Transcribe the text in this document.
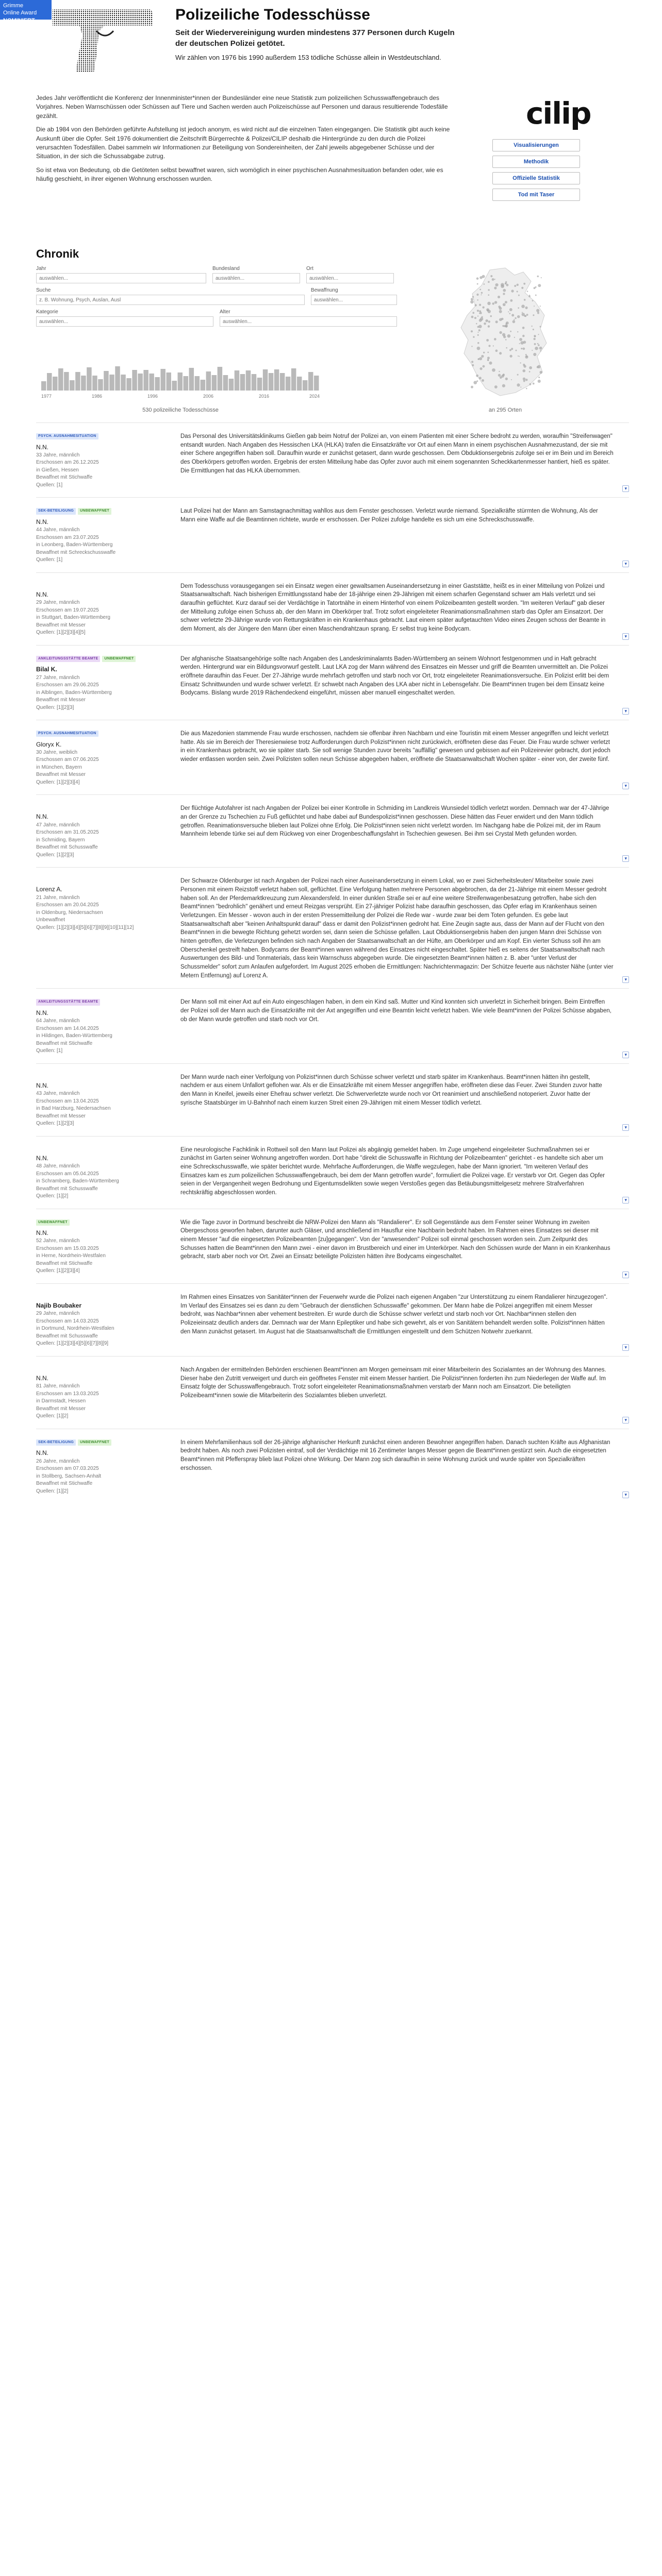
Grimme
Online Award
NOMINIERT 2025
Polizeiliche Todesschüsse
Seit der Wiedervereinigung wurden mindestens 377 Personen durch Kugeln der deutschen Polizei getötet.
Wir zählen von 1976 bis 1990 außerdem 153 tödliche Schüsse allein in Westdeutschland.

Jedes Jahr veröffentlicht die Konferenz der Innenminister*innen der Bundesländer eine neue Statistik zum polizeilichen Schusswaffengebrauch des Vorjahres. Neben Warnschüssen oder Schüssen auf Tiere und Sachen werden auch Polizeischüsse auf Personen und daraus resultierende Todesfälle gezählt.

Die ab 1984 von den Behörden geführte Aufstellung ist jedoch anonym, es wird nicht auf die einzelnen Taten eingegangen. Die Statistik gibt auch keine Auskunft über die Opfer. Seit 1976 dokumentiert die Zeitschrift Bürgerrechte & Polizei/CILIP deshalb die Hintergründe zu den durch die Polizei verursachten Todesfällen. Dabei sammeln wir Informationen zur Beteiligung von Sondereinheiten, der Zahl jeweils abgegebener Schüsse und der Situation, in der sich die Schussabgabe zutrug.

So ist etwa von Bedeutung, ob die Getöteten selbst bewaffnet waren, sich womöglich in einer psychischen Ausnahmesituation befanden oder, wie es häufig geschieht, in ihrer eigenen Wohnung erschossen wurden.

cilip
Visualisierungen
Methodik
Offizielle Statistik
Tod mit Taser
Chronik
Jahr
auswählen...	Bundesland
auswählen...	Ort
auswählen...
Suche
z. B. Wohnung, Psych, Auslan, Ausl	Bewaffnung
auswählen...
Kategorie
auswählen...	Alter
auswählen...
1977	1986	1996	2006	2016	2024
530 polizeiliche Todesschüsse	an 295 Orten
PSYCH. AUSNAHMESITUATION
N.N.
33 Jahre, männlich
Erschossen am 26.12.2025
in Gießen, Hessen
Bewaffnet mit Stichwaffe
Quellen: [1]
Das Personal des Universitätsklinikums Gießen gab beim Notruf der Polizei an, von einem Patienten mit einer Schere bedroht zu werden, woraufhin "Streifenwagen" entsandt wurden. Nach Angaben des Hessischen LKA (HLKA) trafen die Einsatzkräfte vor Ort auf einen Mann in einem psychischen Ausnahmezustand, der sie mit einer Schere angegriffen haben soll. Daraufhin wurde er zunächst getasert, dann wurde geschossen. Dem Obduktionsergebnis zufolge sei er im Bein und im Bereich des Oberkörpers getroffen worden. Ergebnis der ersten Mitteilung habe das Opfer zuvor auch mit einem sogenannten Scheckkartenmesser hantiert, hieß es später. Die Ermittlungen hat das HLKA übernommen.
▾
SEK-BETEILIGUNG UNBEWAFFNET
N.N.
44 Jahre, männlich
Erschossen am 23.07.2025
in Leonberg, Baden-Württemberg
Bewaffnet mit Schreckschusswaffe
Quellen: [1]
Laut Polizei hat der Mann am Samstagnachmittag wahllos aus dem Fenster geschossen. Verletzt wurde niemand. Spezialkräfte stürmten die Wohnung, Als der Mann eine Waffe auf die Beamtinnen richtete, wurde er erschossen. Der Polizei zufolge handelte es sich um eine Schreckschusswaffe.
▾
N.N.
29 Jahre, männlich
Erschossen am 19.07.2025
in Stuttgart, Baden-Württemberg
Bewaffnet mit Messer
Quellen: [1][2][3][4][5]
Dem Todesschuss vorausgegangen sei ein Einsatz wegen einer gewaltsamen Auseinandersetzung in einer Gaststätte, heißt es in einer Mitteilung von Polizei und Staatsanwaltschaft. Nach bisherigen Ermittlungsstand habe der 18-jährige einen 29-Jährigen mit einem scharfen Gegenstand schwer am Hals verletzt und sei daraufhin geflüchtet. Kurz darauf sei der Verdächtige in Tatortnähe in einem Hinterhof von einem Polizeibeamten gestellt worden. "Im weiteren Verlauf" gab dieser der Mitteilung zufolge einen Schuss ab, der den Mann im Oberkörper traf. Trotz sofort eingeleiteter Reanimationsmaßnahmen starb das Opfer am Einsatzort. Der schwer verletzte 29-Jährige wurde von Rettungskräften in ein Krankenhaus gebracht. Laut einem später aufgetauchten Video eines Zeugen schoss der Beamte in dem Moment, als der Jüngere den Mann über einen Maschendrahtzaun sprang. Er selbst trug keine Bodycam.
▾
ANKLEITUNGSSTÄTTE BEAMTE UNBEWAFFNET
Bilal K.
27 Jahre, männlich
Erschossen am 29.06.2025
in Alblingen, Baden-Württemberg
Bewaffnet mit Messer
Quellen: [1][2][3]
Der afghanische Staatsangehörige sollte nach Angaben des Landeskriminalamts Baden-Württemberg an seinem Wohnort festgenommen und in Haft gebracht werden. Hintergrund war ein Bildungsvorwurf gestellt. Laut LKA zog der Mann während des Einsatzes ein Messer und griff die Beamten unvermittelt an. Die Polizei eröffnete daraufhin das Feuer. Der 27-Jährige wurde mehrfach getroffen und starb noch vor Ort, trotz eingeleiteter Reanimationsversuche. Ein Polizist erlitt bei dem Einsatz Schnittwunden und wurde schwer verletzt. Er schwebt nach Angaben des LKA aber nicht in Lebensgefahr. Die Beamt*innen trugen bei dem Einsatz keine Bodycams. Bislang wurde 2019 Rächendeckend eingeführt, müssen aber manuell eingeschaltet werden.
▾
PSYCH. AUSNAHMESITUATION
Gloryx K.
30 Jahre, weiblich
Erschossen am 07.06.2025
in München, Bayern
Bewaffnet mit Messer
Quellen: [1][2][3][4]
Die aus Mazedonien stammende Frau wurde erschossen, nachdem sie offenbar ihren Nachbarn und eine Touristin mit einem Messer angegriffen und leicht verletzt hatte. Als sie im Bereich der Theresienwiese trotz Aufforderungen durch Polizist*innen nicht zurückwich, eröffneten diese das Feuer. Die Frau wurde schwer verletzt in ein Krankenhaus gebracht, wo sie später starb. Sie soll wenige Stunden zuvor bereits "auffällig" gewesen und gebissen auf ein Polizeirevier gebracht, dort jedoch wieder entlassen worden sein. Zwei Polizisten sollen neun Schüsse abgegeben haben, eröffnete die Staatsanwaltschaft Wochen später - einer von, der zweite fünf.
▾
N.N.
47 Jahre, männlich
Erschossen am 31.05.2025
in Schmiding, Bayern
Bewaffnet mit Schusswaffe
Quellen: [1][2][3]
Der flüchtige Autofahrer ist nach Angaben der Polizei bei einer Kontrolle in Schmiding im Landkreis Wunsiedel tödlich verletzt worden. Demnach war der 47-Jährige an der Grenze zu Tschechien zu Fuß geflüchtet und habe dabei auf Bundespolizist*innen geschossen. Diese hätten das Feuer erwidert und den Mann tödlich getroffen. Reanimationsversuche blieben laut Polizei ohne Erfolg. Die Polizist*innen seien nicht verletzt worden. Im Nachgang habe die Polizei mit, der im Raum Mannheim lebende türke sei auf dem Rückweg von einer Drogenbeschaffungsfahrt in Tschechien gewesen. Bei ihm sei Crystal Meth gefunden worden.
▾
Lorenz A.
21 Jahre, männlich
Erschossen am 20.04.2025
in Oldenburg, Niedersachsen
Unbewaffnet
Quellen: [1][2][3][4][5][6][7][8][9][10][11][12]
Der Schwarze Oldenburger ist nach Angaben der Polizei nach einer Auseinandersetzung in einem Lokal, wo er zwei Sicherheitsleuten/ Mitarbeiter sowie zwei Personen mit einem Reizstoff verletzt haben soll, geflüchtet. Eine Verfolgung hatten mehrere Personen abgebrochen, da der 21-Jährige mit einem Messer gedroht haben soll. An der Pferdemarktkreuzung zum Alexandersfeld. In einer dunklen Straße sei er auf eine weitere Streifenwagenbesatzung getroffen, habe sich den Beamt*innen "bedrohlich" genähert und erneut Reizgas versprüht. Ein 27-jähriger Polizist habe daraufhin geschossen, das Opfer erlag im Krankenhaus seinen Verletzungen. Ein Messer - wovon auch in der ersten Pressemitteilung der Polizei die Rede war - wurde zwar bei dem Toten gefunden. Es gebe laut Staatsanwaltschaft aber "keinen Anhaltspunkt darauf" dass er damit den Polizist*innen gedroht hat. Eine Zeugin sagte aus, dass der Mann auf der Flucht von den Beamt*innen in die bewegte Richtung gehetzt worden sei, dann seien die Schüsse gefallen. Laut Obduktionsergebnis haben den jungen Mann drei Schüsse von hinten getroffen, die Verletzungen befinden sich nach Angaben der Staatsanwaltschaft an der Hüfte, am Oberkörper und am Kopf. Ein vierter Schuss soll ihn am Oberschenkel gestreift haben. Bodycams der Beamt*innen waren während des Einsatzes nicht eingeschaltet. Später hieß es seitens der Staatsanwaltschaft nach Auswertungen des Bild- und Tonmaterials, dass kein Warnschuss abgegeben wurde. Die eingesetzten Beamt*innen hätten z. B. aber "unter Verlust der Schussmelder" sofort zum Anlaufen aufgefordert. Im August 2025 erhoben die Ermittlungen: Nachrichtenmagazin: Der Schütze feuerte aus nächster Nähe (unter vier Metern Entfernung) auf Lorenz A.
▾
ANKLEITUNGSSTÄTTE BEAMTE
N.N.
64 Jahre, männlich
Erschossen am 14.04.2025
in Hildingen, Baden-Württemberg
Bewaffnet mit Stichwaffe
Quellen: [1]
Der Mann soll mit einer Axt auf ein Auto eingeschlagen haben, in dem ein Kind saß. Mutter und Kind konnten sich unverletzt in Sicherheit bringen. Beim Eintreffen der Polizei soll der Mann auch die Einsatzkräfte mit der Axt angegriffen und eine Beamtin leicht verletzt haben. Wie viele Beamt*innen der Polizei Schüsse abgaben, ob der Mann wurde getroffen und starb noch vor Ort.
▾
N.N.
43 Jahre, männlich
Erschossen am 13.04.2025
in Bad Harzburg, Niedersachsen
Bewaffnet mit Messer
Quellen: [1][2][3]
Der Mann wurde nach einer Verfolgung von Polizist*innen durch Schüsse schwer verletzt und starb später im Krankenhaus. Beamt*innen hätten ihn gestellt, nachdem er aus einem Unfallort geflohen war. Als er die Einsatzkräfte mit einem Messer angegriffen habe, eröffneten diese das Feuer. Zwei Stunden zuvor hatte den Mann in Kneifel, jeweils einer Ehefrau schwer verletzt. Die Schwerverletzte wurde noch vor Ort reanimiert und anschließend notoperiert. Zuvor hatte der syrische Staatsbürger im U-Bahnhof nach einem kurzen Streit einen 29-Jährigen mit einem Messer tödlich verletzt.
▾
N.N.
48 Jahre, männlich
Erschossen am 05.04.2025
in Schramberg, Baden-Württemberg
Bewaffnet mit Schusswaffe
Quellen: [1][2]
Eine neurologische Fachklinik in Rottweil soll den Mann laut Polizei als abgängig gemeldet haben. Im Zuge umgehend eingeleiteter Suchmaßnahmen sei er zunächst im Garten seiner Wohnung angetroffen worden. Dort habe "direkt die Schusswaffe in Richtung der Polizeibeamten" gerichtet - es handelte sich aber um eine Schreckschusswaffe, wie später berichtet wurde. Mehrfache Aufforderungen, die Waffe wegzulegen, habe der Mann ignoriert. "Im weiteren Verlauf des Einsatzes kam es zum polizeilichen Schusswaffengebrauch, bei dem der Mann getroffen wurde", formuliert die Polizei vage. Er verstarb vor Ort. Gegen das Opfer seien in der Vergangenheit wegen Bedrohung und Eigentumsdelikten sowie wegen Verstoßes gegen das Betäubungsmittelgesetz mehrere Strafverfahren rechtskräftig abgeschlossen worden.
▾
UNBEWAFFNET
N.N.
52 Jahre, männlich
Erschossen am 15.03.2025
in Herne, Nordrhein-Westfalen
Bewaffnet mit Stichwaffe
Quellen: [1][2][3][4]
Wie die Tage zuvor in Dortmund beschreibt die NRW-Polizei den Mann als "Randalierer". Er soll Gegenstände aus dem Fenster seiner Wohnung im zweiten Obergeschoss geworfen haben, darunter auch Gläser, und anschließend im Hausflur eine Nachbarin bedroht haben. Im Rahmen eines Einsatzes sei dieser mit einem Messer "auf die eingesetzten Polizeibeamten [zu]gegangen". Von der "anwesenden" Polizei soll einmal geschossen worden sein. Zum Zeitpunkt des Schusses hatten die Beamt*innen den Mann zwei - einer davon im Brustbereich und einer im Unterkörper. Nach den Schüssen wurde der Mann in ein Krankenhaus gebracht, starb aber noch vor Ort. Zwei an Einsatz beteiligte Polizisten hätten ihre Bodycams eingeschaltet.
▾
Najib Boubaker
29 Jahre, männlich
Erschossen am 14.03.2025
in Dortmund, Nordrhein-Westfalen
Bewaffnet mit Schusswaffe
Quellen: [1][2][3][4][5][6][7][8][9]
Im Rahmen eines Einsatzes von Sanitäter*innen der Feuerwehr wurde die Polizei nach eigenen Angaben "zur Unterstützung zu einem Randalierer hinzugezogen". Im Verlauf des Einsatzes sei es dann zu dem "Gebrauch der dienstlichen Schusswaffe" gekommen. Der Mann habe die Polizei angegriffen mit einem Messer bedroht, was Nachbar*innen aber vehement bestreiten. Er wurde durch die Schüsse schwer verletzt und starb noch vor Ort. Nachbar*innen stellen den Polizeieinsatz deutlich anders dar. Demnach war der Mann Epileptiker und habe sich gewehrt, als er von Sanitätern behandelt werden sollte. Polizist*innen hätten den Mann zunächst getasert. Im August hat die Staatsanwaltschaft die Ermittlungen eingestellt und dem Schützen Notwehr zuerkannt.
▾
N.N.
81 Jahre, männlich
Erschossen am 13.03.2025
in Darmstadt, Hessen
Bewaffnet mit Messer
Quellen: [1][2]
Nach Angaben der ermittelnden Behörden erschienen Beamt*innen am Morgen gemeinsam mit einer Mitarbeiterin des Sozialamtes an der Wohnung des Mannes. Dieser habe den Zutritt verweigert und durch ein geöffnetes Fenster mit einem Messer hantiert. Die Polizist*innen forderten ihn zum Niederlegen der Waffe auf. Im Einsatz folgte der Schusswaffengebrauch. Trotz sofort eingeleiteter Reanimationsmaßnahmen verstarb der Mann noch am Einsatzort. Die beteiligten Polizeibeamt*innen sowie die Mitarbeiterin des Sozialamtes blieben unverletzt.
▾
SEK-BETEILIGUNG UNBEWAFFNET
N.N.
26 Jahre, männlich
Erschossen am 07.03.2025
in Stollberg, Sachsen-Anhalt
Bewaffnet mit Stichwaffe
Quellen: [1][2]
In einem Mehrfamilienhaus soll der 26-jährige afghanischer Herkunft zunächst einen anderen Bewohner angegriffen haben. Danach suchten Kräfte aus Afghanistan bedroht haben. Als noch zwei Polizisten eintraf, soll der Verdächtige mit 16 Zentimeter langes Messer gegen die Beamt*innen gestürzt sein. Auch die eingesetzten Beamt*innen mit Pfefferspray blieb laut Polizei ohne Wirkung. Der Mann zog sich daraufhin in seine Wohnung zurück und wurde später von Spezialkräften erschossen.
▾
